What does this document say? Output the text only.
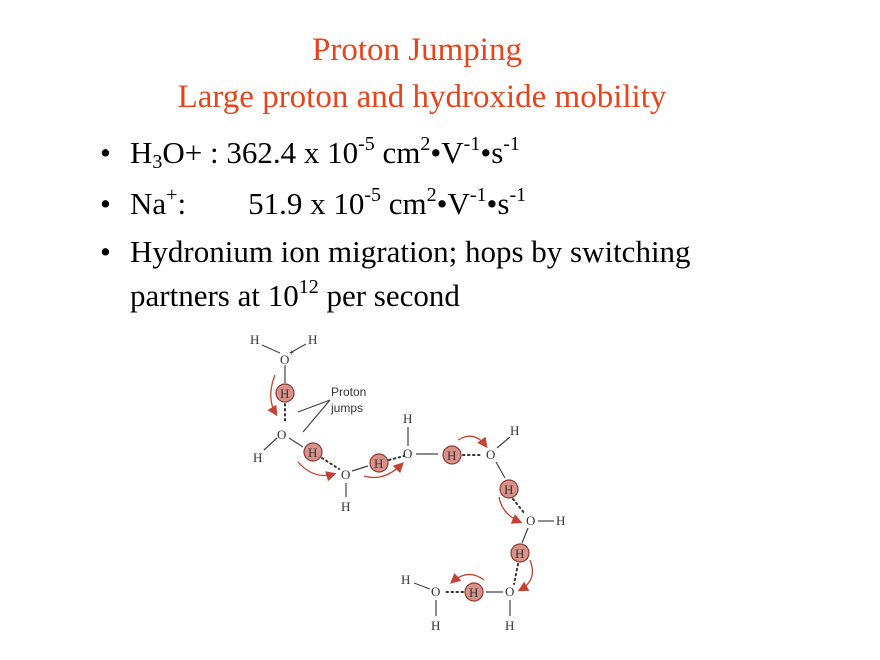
Proton Jumping
Large proton and hydroxide mobility
• $H_3O+$ : 362.4 x $10^{-5}$ $cm^2•V^{-1}•s^{-1}$
• Na+: 51.9 x $10^{-5}$ $cm^2•V^{-1}•s^{-1}$
• Hydronium ion migration; hops by switching
partners at $10^{12}$ per second
H	H
O +
H	Proton
jumps
O
H	H
O
H
H
H
O	H O
H
H
O H
H
O
H
H
O
H
H
